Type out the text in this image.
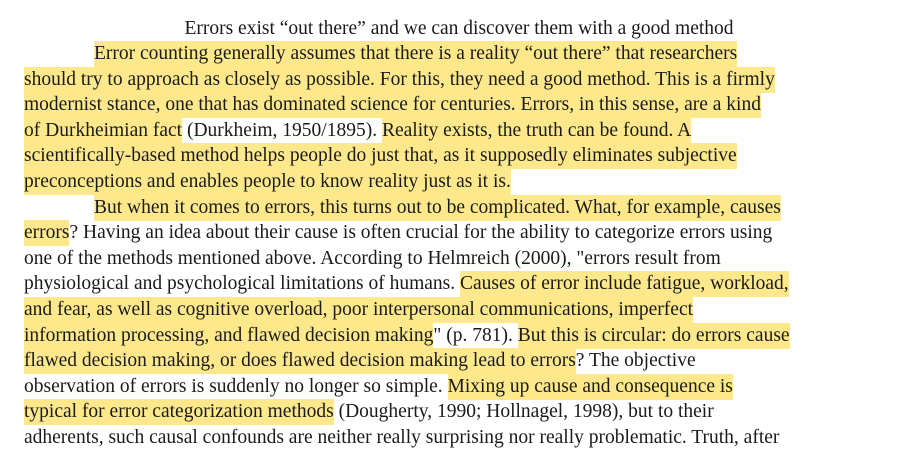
Errors exist “out there” and we can discover them with a good method
Error counting generally assumes that there is a reality “out there” that researchers
should try to approach as closely as possible. For this, they need a good method. This is a firmly
modernist stance, one that has dominated science for centuries. Errors, in this sense, are a kind
of Durkheimian fact (Durkheim, 1950/1895). Reality exists, the truth can be found. A
scientifically-based method helps people do just that, as it supposedly eliminates subjective
preconceptions and enables people to know reality just as it is.
But when it comes to errors, this turns out to be complicated. What, for example, causes
errors? Having an idea about their cause is often crucial for the ability to categorize errors using
one of the methods mentioned above. According to Helmreich (2000), "errors result from
physiological and psychological limitations of humans. Causes of error include fatigue, workload,
and fear, as well as cognitive overload, poor interpersonal communications, imperfect
information processing, and flawed decision making" (p. 781). But this is circular: do errors cause
flawed decision making, or does flawed decision making lead to errors? The objective
observation of errors is suddenly no longer so simple. Mixing up cause and consequence is
typical for error categorization methods (Dougherty, 1990; Hollnagel, 1998), but to their
adherents, such causal confounds are neither really surprising nor really problematic. Truth, after
